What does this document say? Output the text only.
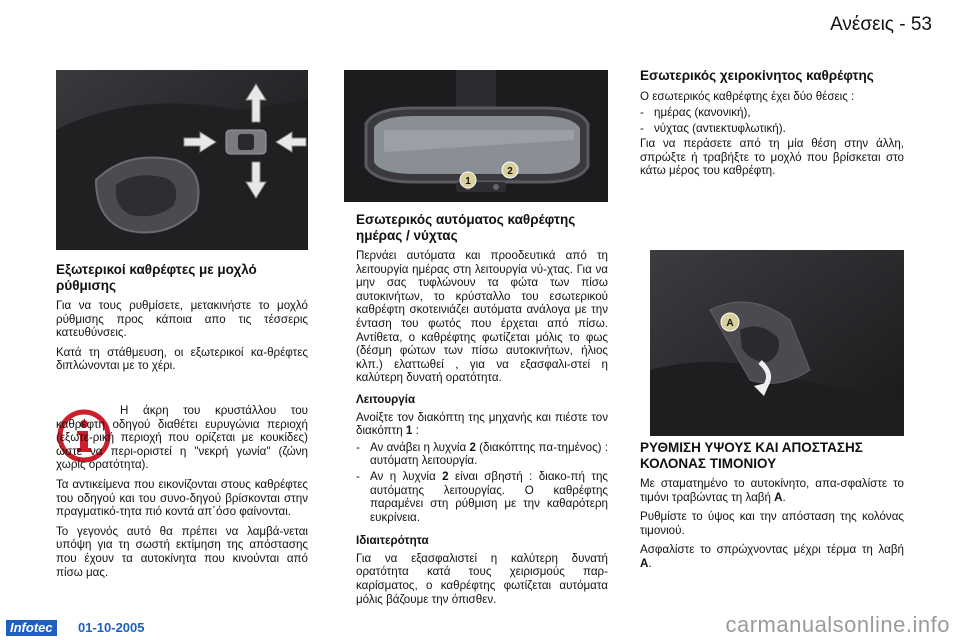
Ανέσεις - 53
Εξωτερικοί καθρέφτες με μοχλό ρύθμισης

Για να τους ρυθμίσετε, μετακινήστε το μοχλό ρύθμισης προς κάποια απο τις τέσσερις κατευθύνσεις.

Κατά τη στάθμευση, οι εξωτερικοί κα-θρέφτες διπλώνονται με το χέρι.

Η άκρη του κρυστάλλου του καθρέφτη οδηγού διαθέτει ευρυγώνια περιοχή (εξωτε-ρική περιοχή που ορίζεται με κουκίδες) ώστε να περι-οριστεί η "νεκρή γωνία" (ζώνη χωρίς ορατότητα).

Τα αντικείμενα που εικονίζονται στους καθρέφτες του οδηγού και του συνο-δηγού βρίσκονται στην πραγματικό-τητα πιό κοντά απ΄όσο φαίνονται.

Το γεγονός αυτό θα πρέπει να λαμβά-νεται υπόψη για τη σωστή εκτίμηση της απόστασης που έχουν τα αυτοκίνητα που κινούνται από πίσω μας.

1
2
Εσωτερικός αυτόματος καθρέφτης ημέρας / νύχτας

Περνάει αυτόματα και προοδευτικά από τη λειτουργία ημέρας στη λειτουργία νύ-χτας. Για να μην σας τυφλώνουν τα φώτα των πίσω αυτοκινήτων, το κρύσταλλο του εσωτερικού καθρέφτη σκοτεινιάζει αυτόματα ανάλογα με την ένταση του φωτός που έρχεται από πίσω. Αντίθετα, ο καθρέφτης φωτίζεται μόλις το φως (δέσμη φώτων των πίσω αυτοκινήτων, ήλιος κλπ.) ελαττωθεί , για να εξασφαλι-στεί η καλύτερη δυνατή ορατότητα.

Λειτουργία

Ανοίξτε τον διακόπτη της μηχανής και πιέστε τον διακόπτη 1 :

- Αν ανάβει η λυχνία 2 (διακόπτης πα-τημένος) : αυτόματη λειτουργία.
- Αν η λυχνία 2 είναι σβηστή : διακο-πή της αυτόματης λειτουργίας. Ο καθρέφτης παραμένει στη ρύθμιση με την καθαρότερη ευκρίνεια.
Ιδιαιτερότητα

Για να εξασφαλιστεί η καλύτερη δυνατή ορατότητα κατά τους χειρισμούς παρ-καρίσματος, ο καθρέφτης φωτίζεται αυτόματα μόλις βάζουμε την όπισθεν.

Εσωτερικός χειροκίνητος καθρέφτης

Ο εσωτερικός καθρέφτης έχει δύο θέσεις :

- ημέρας (κανονική),
- νύχτας (αντιεκτυφλωτική).

Για να περάσετε από τη μία θέση στην άλλη, σπρώξτε ή τραβήξτε το μοχλό που βρίσκεται στο κάτω μέρος του καθρέφτη.

A
ΡΥΘΜΙΣΗ ΥΨΟΥΣ ΚΑΙ ΑΠΟΣΤΑΣΗΣ ΚΟΛΟΝΑΣ ΤΙΜΟΝΙΟΥ

Με σταματημένο το αυτοκίνητο, απα-σφαλίστε το τιμόνι τραβώντας τη λαβή A.

Ρυθμίστε το ύψος και την απόσταση της κολόνας τιμονιού.

Ασφαλίστε το σπρώχνοντας μέχρι τέρμα τη λαβή A.

Infotec	01-10-2005	carmanualsonline.info
